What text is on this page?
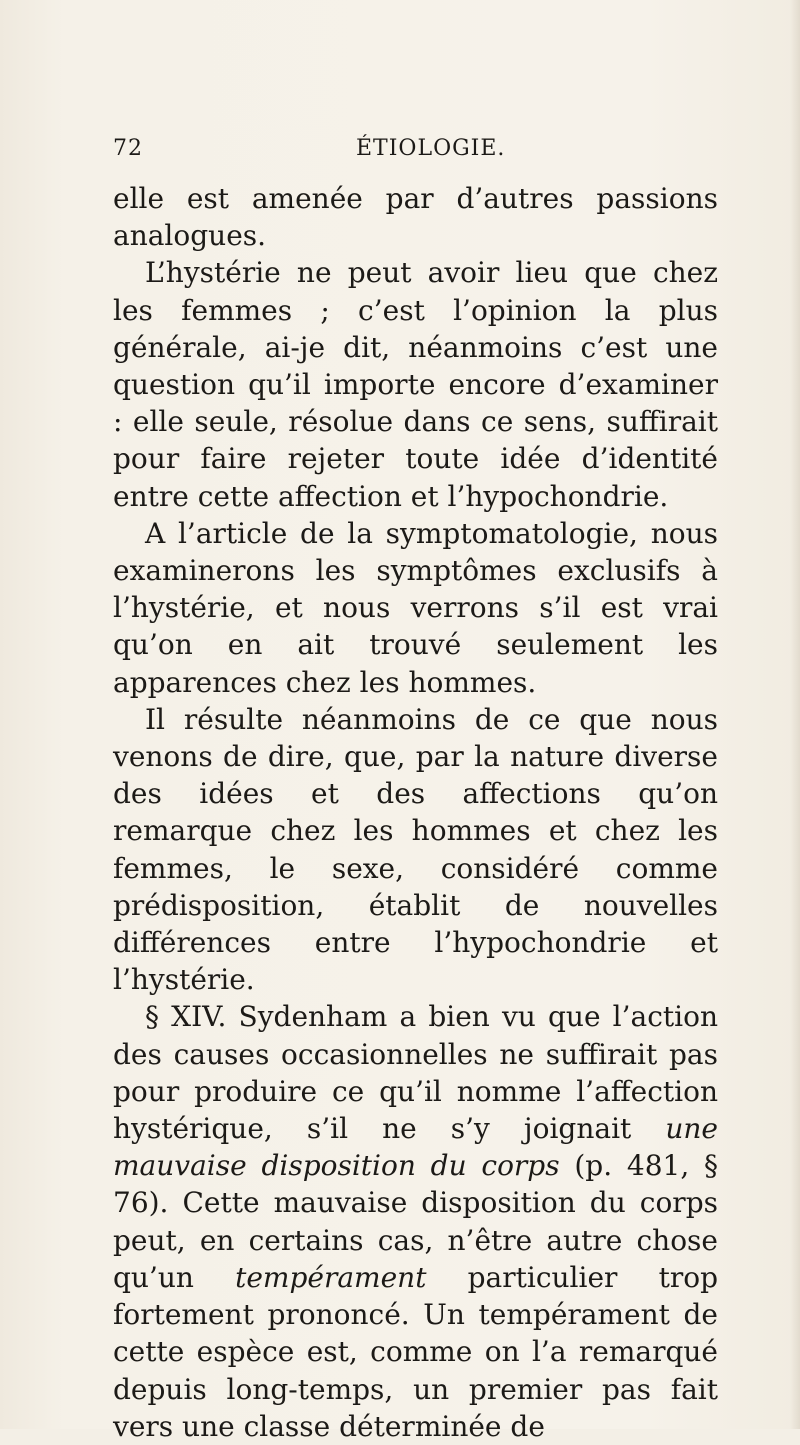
72	ÉTIOLOGIE.

elle est amenée par d’autres passions analogues.

L’hystérie ne peut avoir lieu que chez les femmes ; c’est l’opinion la plus générale, ai-je dit, néanmoins c’est une question qu’il importe encore d’examiner : elle seule, résolue dans ce sens, suffirait pour faire rejeter toute idée d’identité entre cette affection et l’hypochondrie.

A l’article de la symptomatologie, nous examinerons les symptômes exclusifs à l’hystérie, et nous verrons s’il est vrai qu’on en ait trouvé seulement les apparences chez les hommes.

Il résulte néanmoins de ce que nous venons de dire, que, par la nature diverse des idées et des affections qu’on remarque chez les hommes et chez les femmes, le sexe, considéré comme prédisposition, établit de nouvelles différences entre l’hypochondrie et l’hystérie.

§ XIV. Sydenham a bien vu que l’action des causes occasionnelles ne suffirait pas pour produire ce qu’il nomme l’affection hystérique, s’il ne s’y joignait une mauvaise disposition du corps (p. 481, § 76). Cette mauvaise disposition du corps peut, en certains cas, n’être autre chose qu’un tempérament particulier trop fortement prononcé. Un tempérament de cette espèce est, comme on l’a remarqué depuis long-temps, un premier pas fait vers une classe déterminée de
